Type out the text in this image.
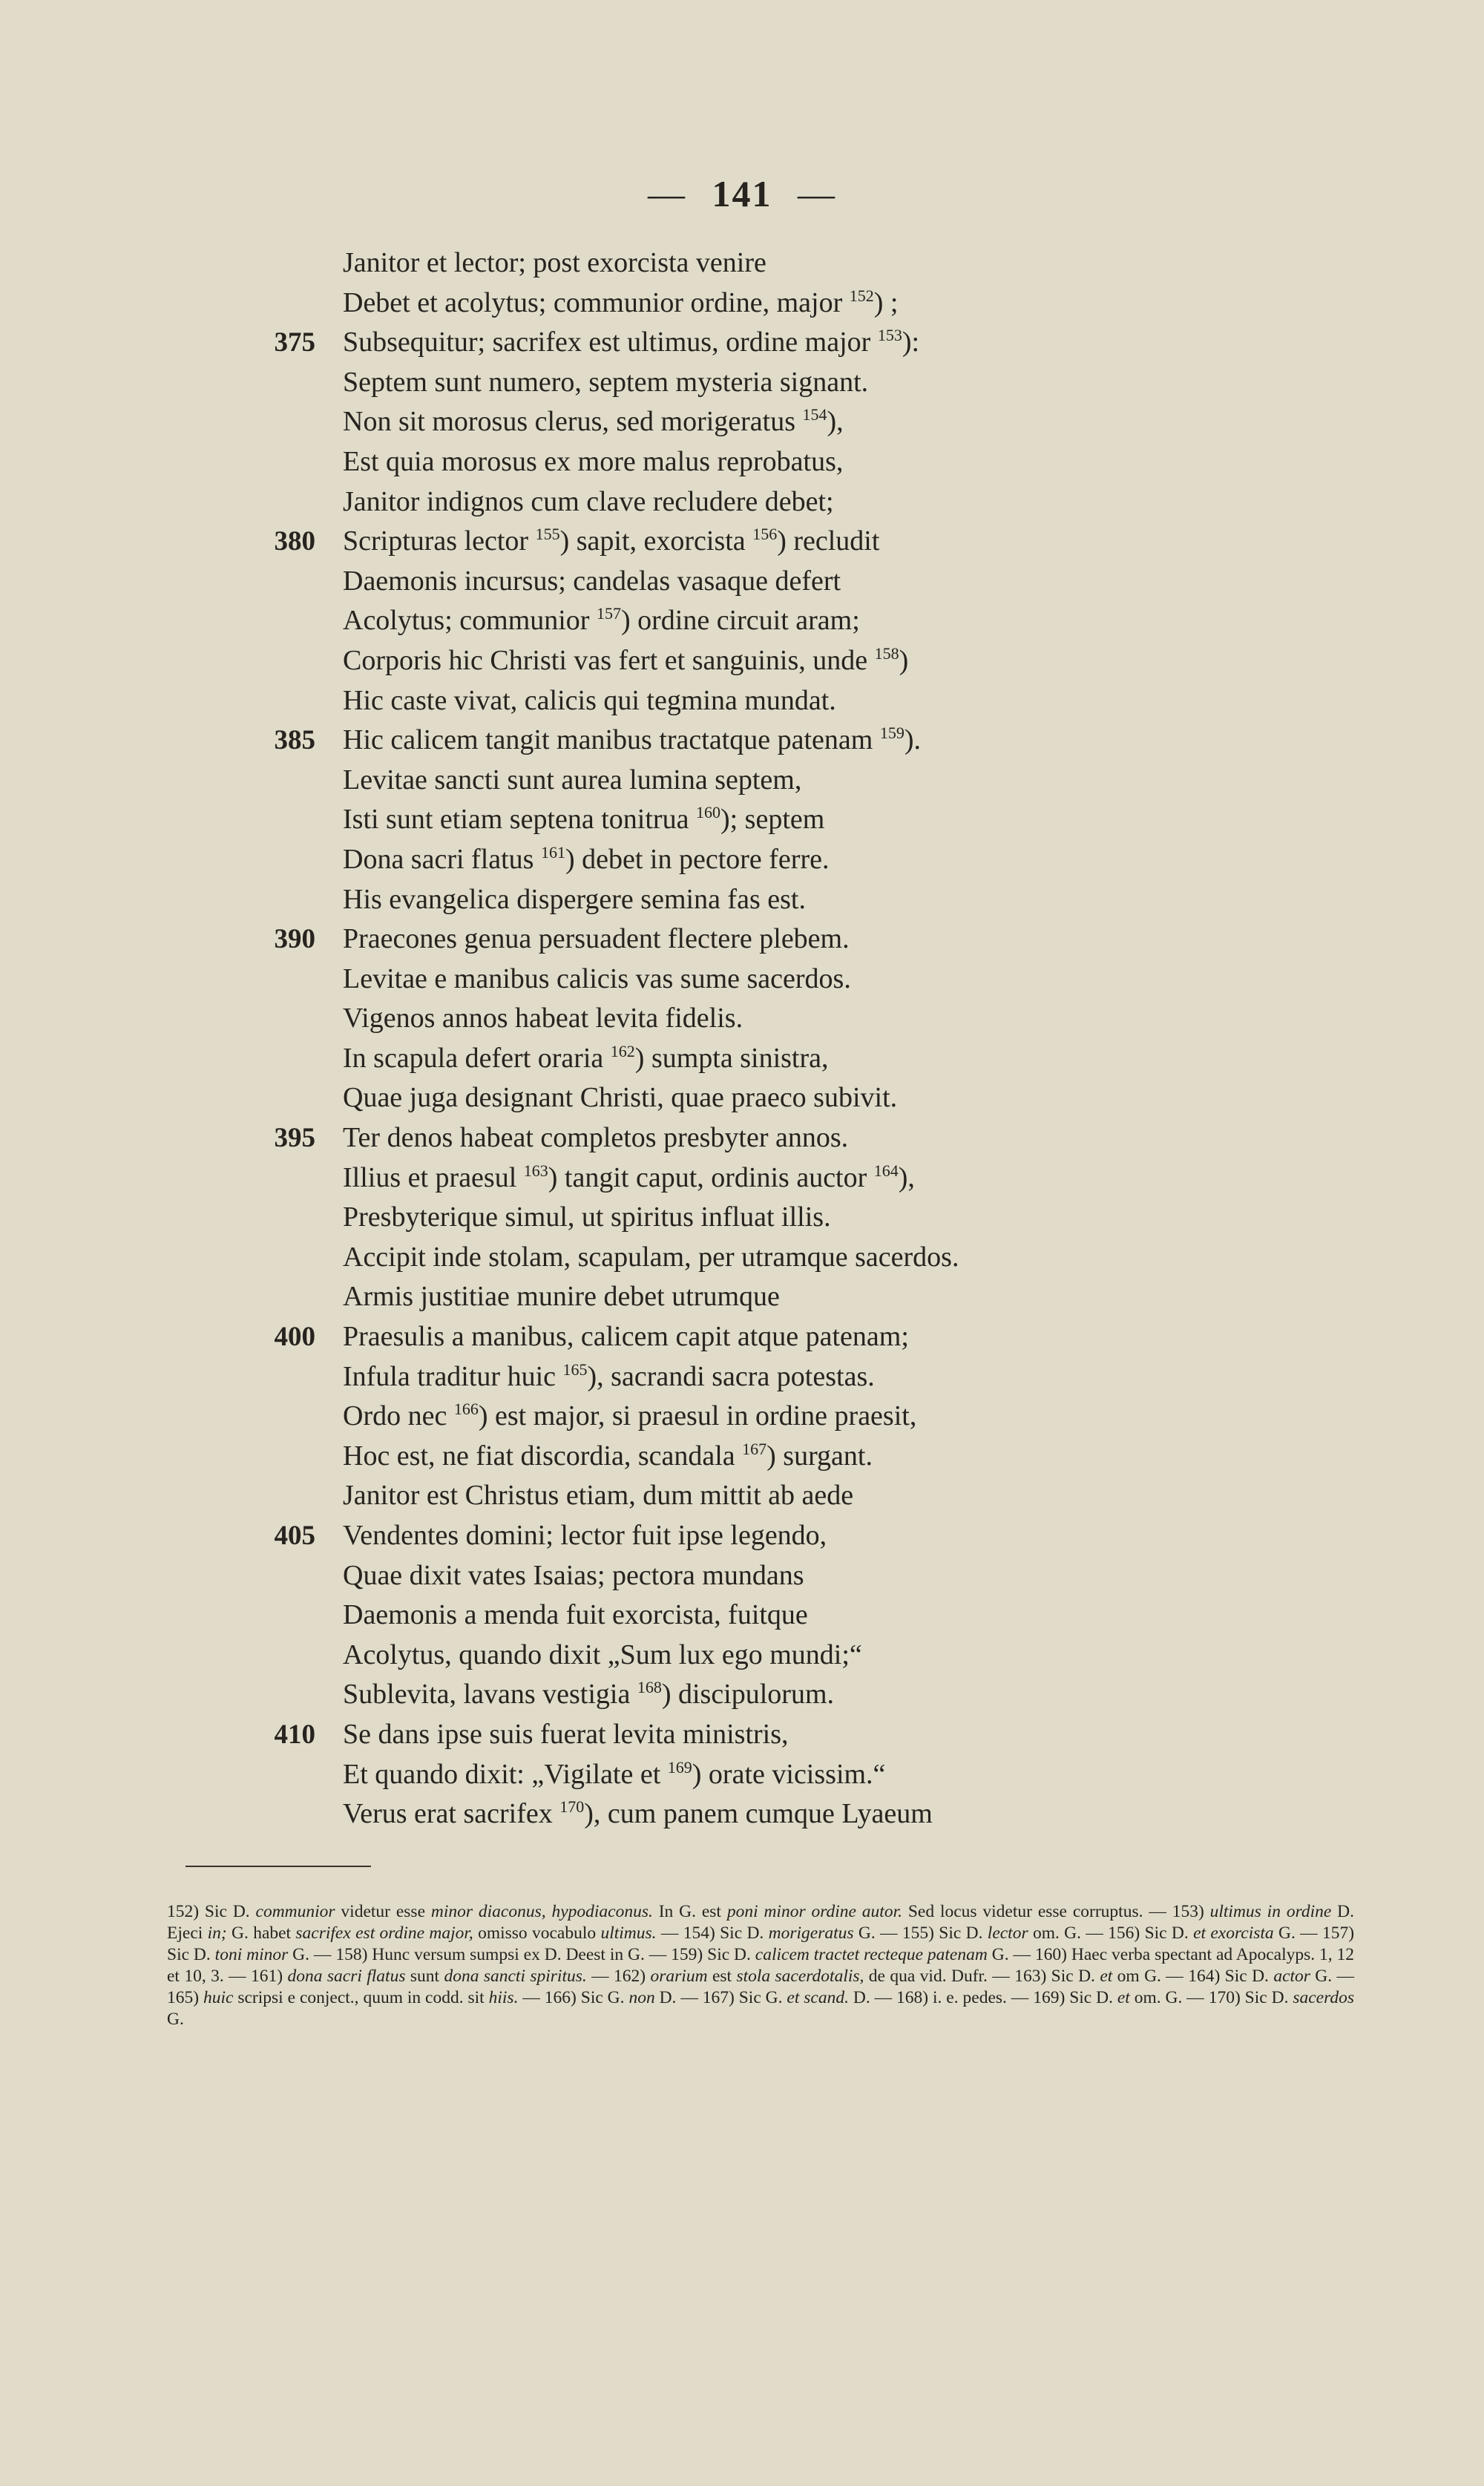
— 141 —
Janitor et lector; post exorcista venire
Debet et acolytus; communior ordine, major $^{152}$) ;
375 Subsequitur; sacrifex est ultimus, ordine major $^{153}$):
Septem sunt numero, septem mysteria signant.
Non sit morosus clerus, sed morigeratus $^{154}$),
Est quia morosus ex more malus reprobatus,
Janitor indignos cum clave recludere debet;
380 Scripturas lector $^{155}$) sapit, exorcista $^{156}$) recludit
Daemonis incursus; candelas vasaque defert
Acolytus; communior $^{157}$) ordine circuit aram;
Corporis hic Christi vas fert et sanguinis, unde $^{158}$)
Hic caste vivat, calicis qui tegmina mundat.
385 Hic calicem tangit manibus tractatque patenam $^{159}$).
Levitae sancti sunt aurea lumina septem,
Isti sunt etiam septena tonitrua $^{160}$); septem
Dona sacri flatus $^{161}$) debet in pectore ferre.
His evangelica dispergere semina fas est.
390 Praecones genua persuadent flectere plebem.
Levitae e manibus calicis vas sume sacerdos.
Vigenos annos habeat levita fidelis.
In scapula defert oraria $^{162}$) sumpta sinistra,
Quae juga designant Christi, quae praeco subivit.
395 Ter denos habeat completos presbyter annos.
Illius et praesul $^{163}$) tangit caput, ordinis auctor $^{164}$),
Presbyterique simul, ut spiritus influat illis.
Accipit inde stolam, scapulam, per utramque sacerdos.
Armis justitiae munire debet utrumque
400 Praesulis a manibus, calicem capit atque patenam;
Infula traditur huic $^{165}$), sacrandi sacra potestas.
Ordo nec $^{166}$) est major, si praesul in ordine praesit,
Hoc est, ne fiat discordia, scandala $^{167}$) surgant.
Janitor est Christus etiam, dum mittit ab aede
405 Vendentes domini; lector fuit ipse legendo,
Quae dixit vates Isaias; pectora mundans
Daemonis a menda fuit exorcista, fuitque
Acolytus, quando dixit „Sum lux ego mundi;“
Sublevita, lavans vestigia $^{168}$) discipulorum.
410 Se dans ipse suis fuerat levita ministris,
Et quando dixit: „Vigilate et $^{169}$) orate vicissim.“
Verus erat sacrifex $^{170}$), cum panem cumque Lyaeum

152) Sic D. communior videtur esse minor diaconus, hypodiaconus. In G. est poni minor ordine autor. Sed locus videtur esse corruptus. — 153) ultimus in ordine D. Ejeci in; G. habet sacrifex est ordine major, omisso vocabulo ultimus. — 154) Sic D. morigeratus G. — 155) Sic D. lector om. G. — 156) Sic D. et exorcista G. — 157) Sic D. toni minor G. — 158) Hunc versum sumpsi ex D. Deest in G. — 159) Sic D. calicem tractet recteque patenam G. — 160) Haec verba spectant ad Apocalyps. 1, 12 et 10, 3. — 161) dona sacri flatus sunt dona sancti spiritus. — 162) orarium est stola sacerdotalis, de qua vid. Dufr. — 163) Sic D. et om G. — 164) Sic D. actor G. — 165) huic scripsi e conject., quum in codd. sit hiis. — 166) Sic G. non D. — 167) Sic G. et scand. D. — 168) i. e. pedes. — 169) Sic D. et om. G. — 170) Sic D. sacerdos G.
